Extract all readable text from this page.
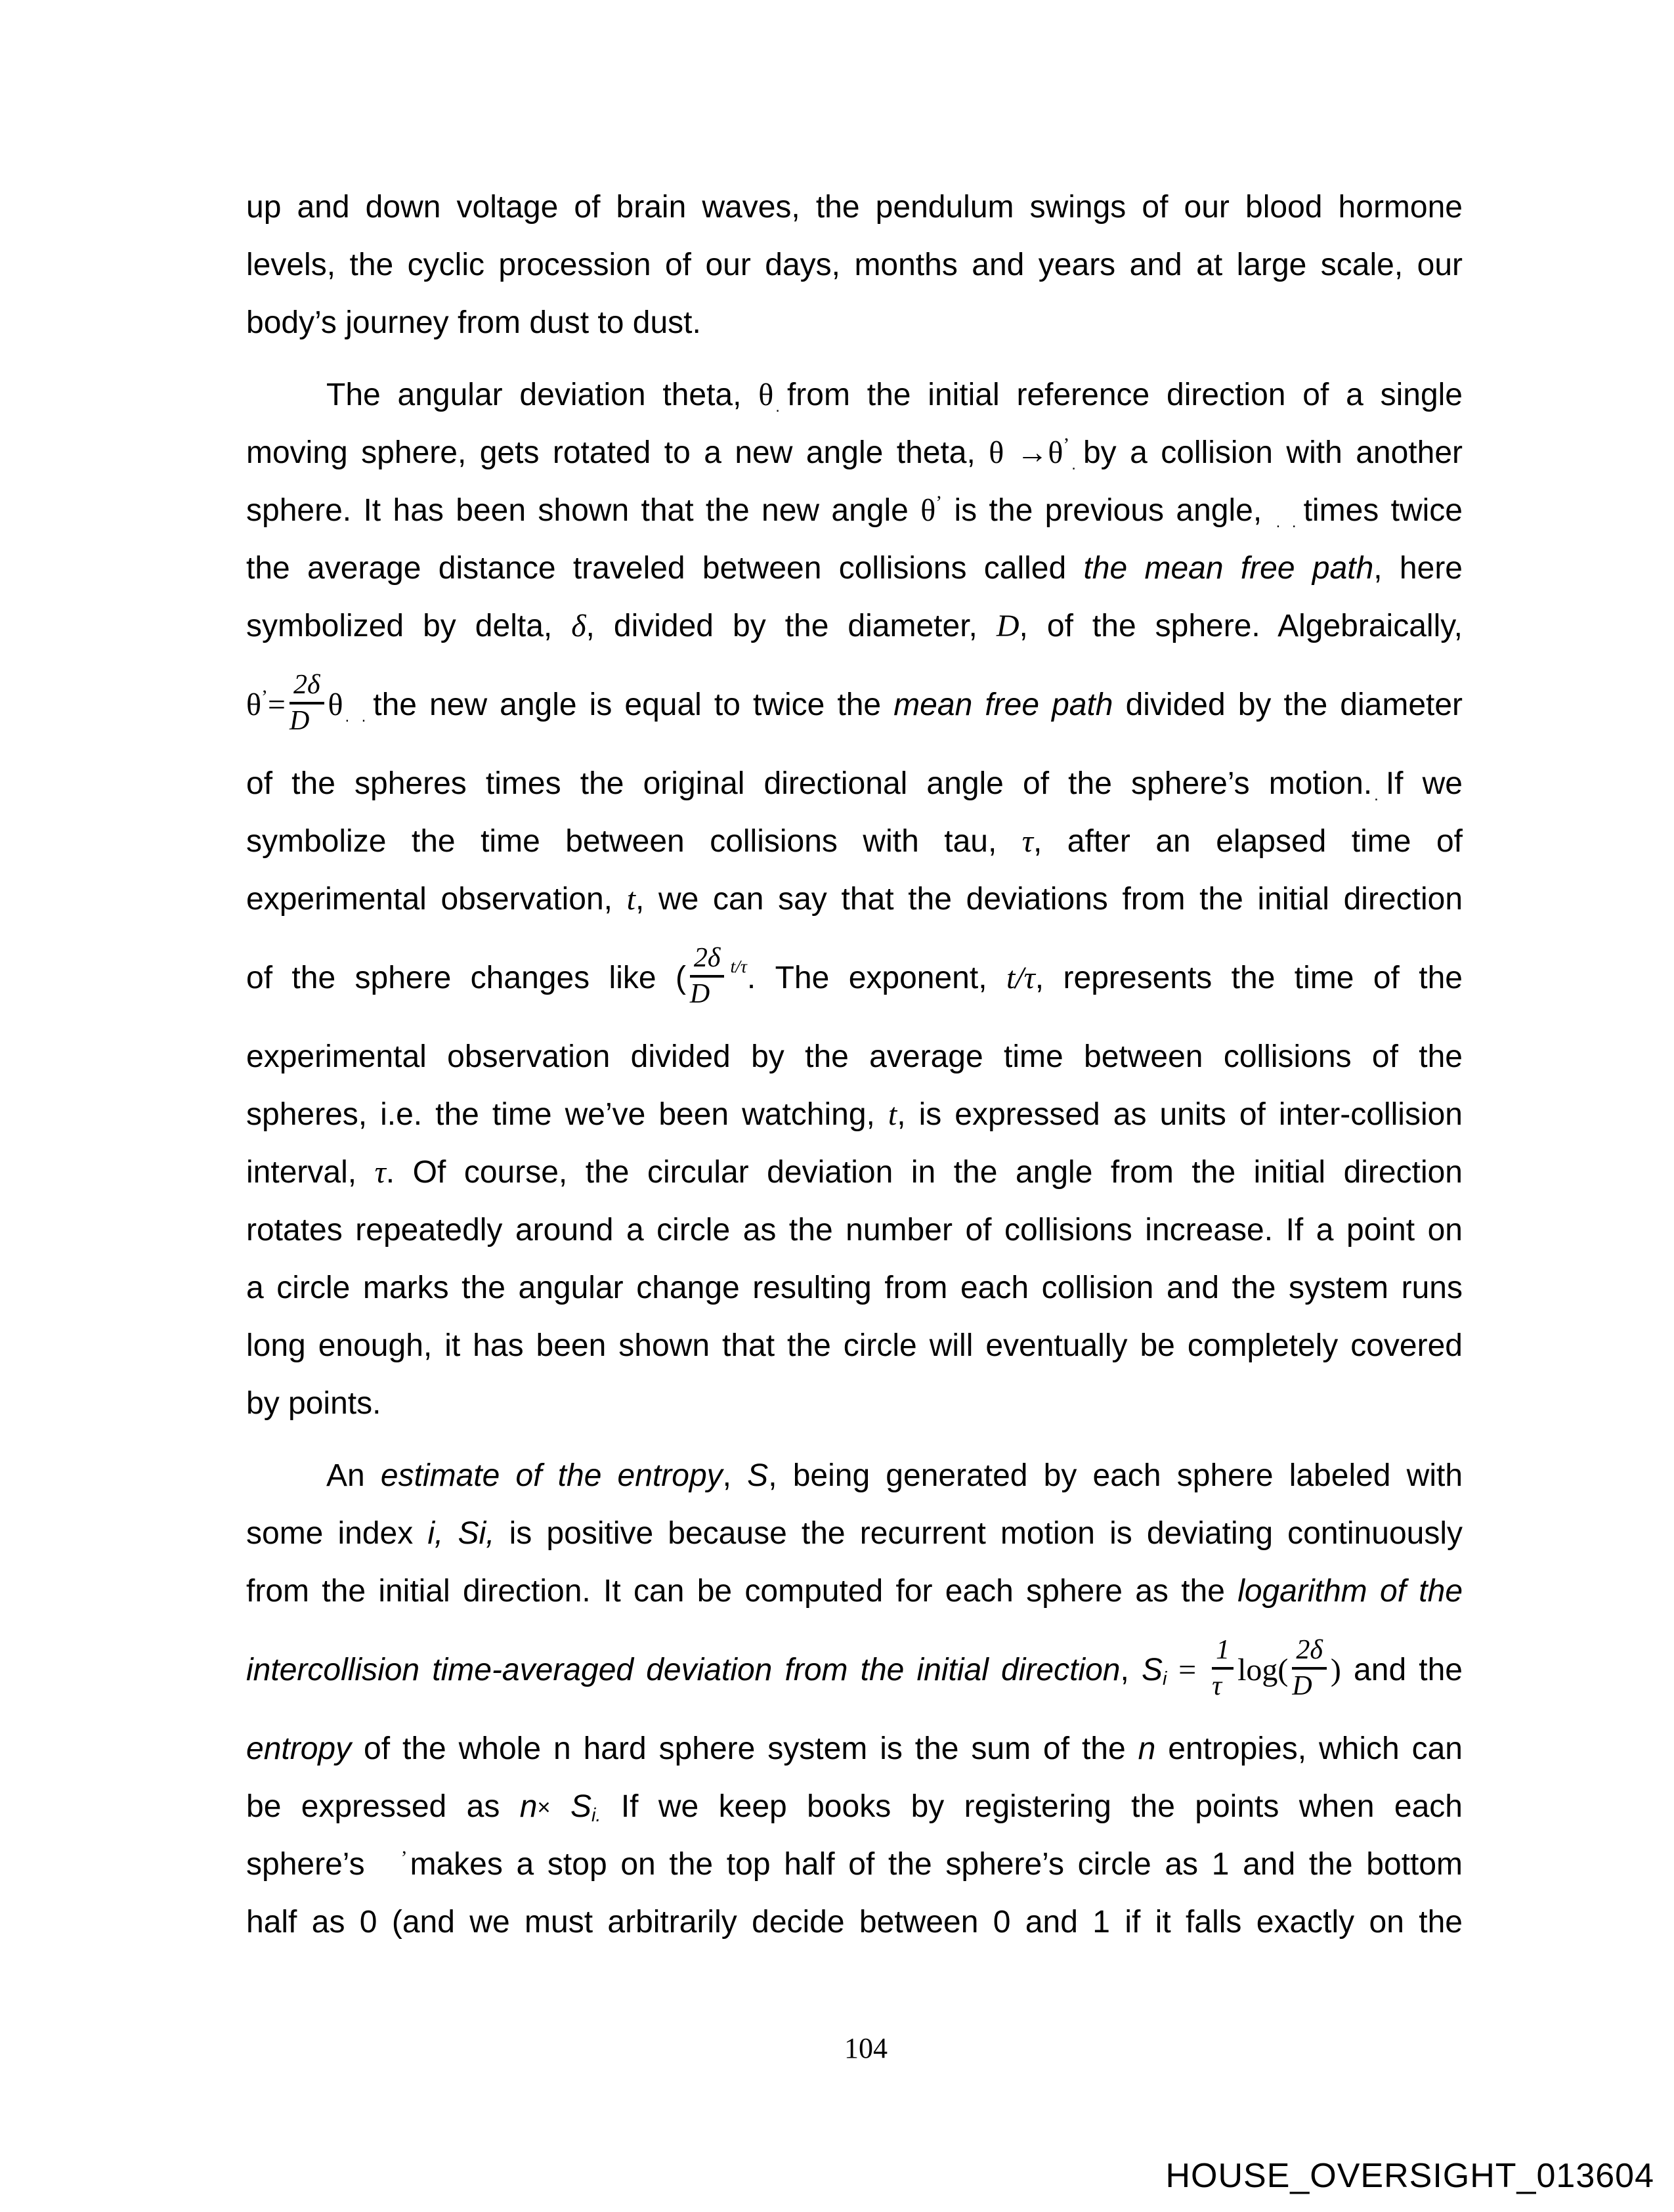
up and down voltage of brain waves, the pendulum swings of our blood hormone
levels, the cyclic procession of our days, months and years and at large scale, our
body’s journey from dust to dust.
The angular deviation theta, θ $_.$ from the initial reference direction of a single
moving sphere, gets rotated to a new angle theta, $\theta \to\theta^’_.$ by a collision with another
sphere. It has been shown that the new angle θ’ is the previous angle, $_{. .}$ times twice
the average distance traveled between collisions called the mean free path, here
symbolized by delta, δ, divided by the diameter, D, of the sphere. Algebraically,
$\theta^’= \frac{2\delta}{D}$ θ $_{. .}$ the new angle is equal to twice the mean free path divided by the diameter
of the spheres times the original directional angle of the sphere’s motion. $_.$ If we
symbolize the time between collisions with tau, τ, after an elapsed time of
experimental observation, t, we can say that the deviations from the initial direction
of the sphere changes like ( $\frac{2\delta}{D} ^{t/\tau}$. The exponent, t/τ, represents the time of the
experimental observation divided by the average time between collisions of the
spheres, i.e. the time we’ve been watching, t, is expressed as units of inter-collision
interval, τ. Of course, the circular deviation in the angle from the initial direction
rotates repeatedly around a circle as the number of collisions increase. If a point on
a circle marks the angular change resulting from each collision and the system runs
long enough, it has been shown that the circle will eventually be completely covered
by points.
An estimate of the entropy, S, being generated by each sphere labeled with
some index i, Si, is positive because the recurrent motion is deviating continuously
from the initial direction. It can be computed for each sphere as the logarithm of the
intercollision time-averaged deviation from the initial direction, $Si = \frac{1}{\tau} \log( \frac{2\delta}{D}$ ) and the
entropy of the whole n hard sphere system is the sum of the n entropies, which can
be expressed as n× Si. If we keep books by registering the points when each
sphere’s ’makes a stop on the top half of the sphere’s circle as 1 and the bottom
half as 0 (and we must arbitrarily decide between 0 and 1 if it falls exactly on the
104
HOUSE_OVERSIGHT_013604
